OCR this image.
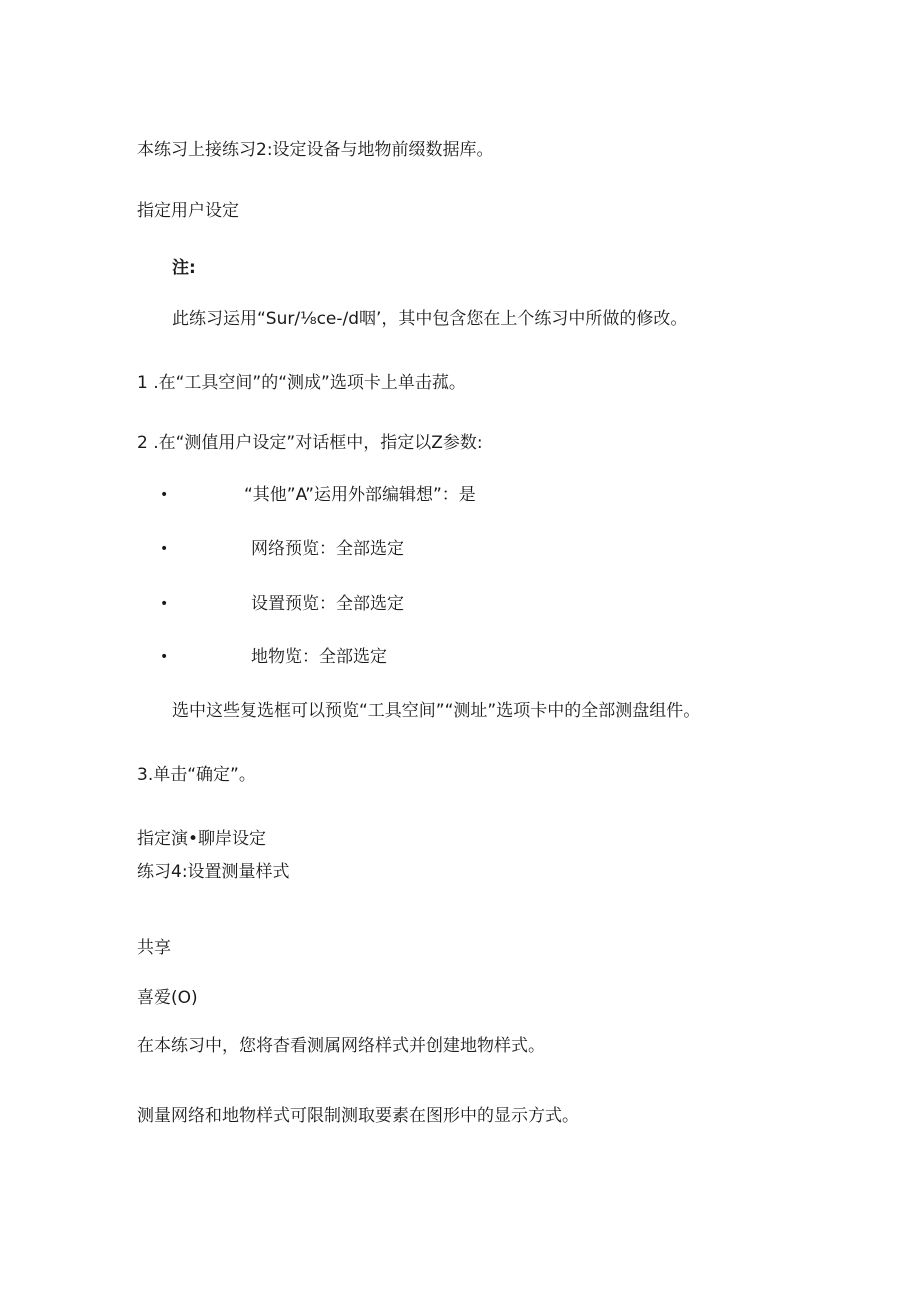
本练习上接练习2:设定设备与地物前缀数据库。
指定用户设定
注:
此练习运用“Sur∕⅛ce-∕d咽’，其中包含您在上个练习中所做的修改。
1 .在“工具空间”的“测成”选项卡上单击菰。
2 .在“测值用户设定”对话框中，指定以Z参数:
•	“其他”A”运用外部编辑想”：是
•	网络预览：全部选定
•	设置预览：全部选定
•	地物览：全部选定
选中这些复选框可以预览“工具空间”“测址”选项卡中的全部测盘组件。
3.单击“确定”。
指定演•聊岸设定
练习4:设置测量样式
共享
喜爱(O)
在本练习中，您将杳看测属网络样式并创建地物样式。
测量网络和地物样式可限制测取要素在图形中的显示方式。
